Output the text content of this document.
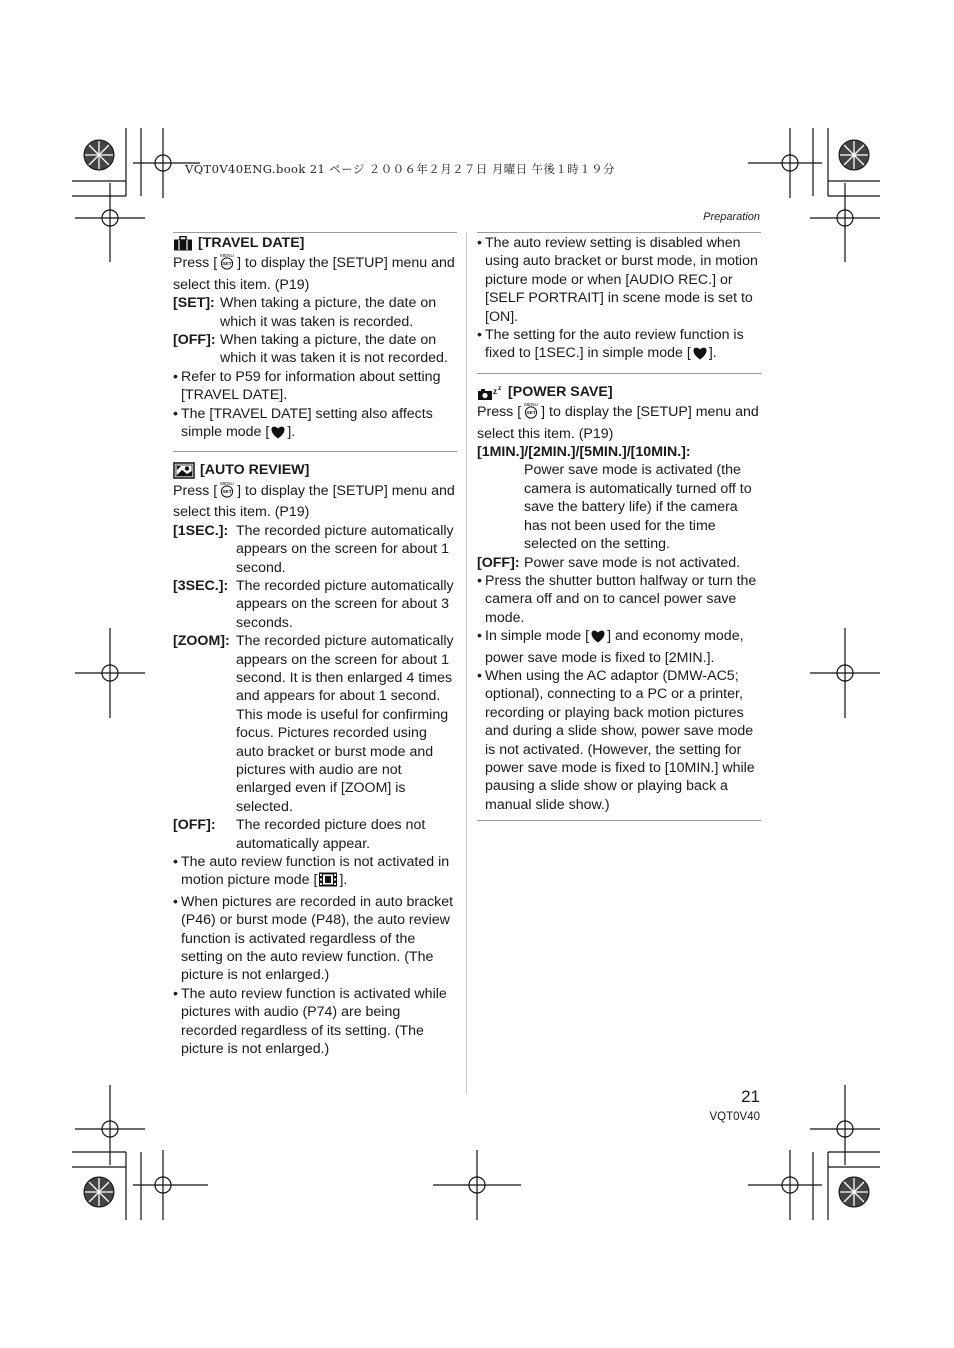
VQT0V40ENG.book 21 ページ ２００６年２月２７日 月曜日 午後１時１９分
Preparation
[TRAVEL DATE]

Press [ MENU
SET ] to display the [SETUP] menu and select this item. (P19)

[SET]: When taking a picture, the date on which it was taken is recorded.
[OFF]: When taking a picture, the date on which it was taken it is not recorded.
• Refer to P59 for information about setting [TRAVEL DATE].
• The [TRAVEL DATE] setting also affects simple mode [ ].
[AUTO REVIEW]

Press [ MENU
SET ] to display the [SETUP] menu and select this item. (P19)

[1SEC.]: The recorded picture automatically appears on the screen for about 1 second.
[3SEC.]: The recorded picture automatically appears on the screen for about 3 seconds.
[ZOOM]: The recorded picture automatically appears on the screen for about 1 second. It is then enlarged 4 times and appears for about 1 second. This mode is useful for confirming focus. Pictures recorded using auto bracket or burst mode and pictures with audio are not enlarged even if [ZOOM] is selected.
[OFF]:	The recorded picture does not automatically appear.
• The auto review function is not activated in motion picture mode [ ].
• When pictures are recorded in auto bracket (P46) or burst mode (P48), the auto review function is activated regardless of the setting on the auto review function. (The picture is not enlarged.)
• The auto review function is activated while pictures with audio (P74) are being recorded regardless of its setting. (The picture is not enlarged.)
• The auto review setting is disabled when using auto bracket or burst mode, in motion picture mode or when [AUDIO REC.] or [SELF PORTRAIT] in scene mode is set to [ON].
• The setting for the auto review function is fixed to [1SEC.] in simple mode [ ].
z z [POWER SAVE]

Press [ MENU
SET ] to display the [SETUP] menu and select this item. (P19)

[1MIN.]/[2MIN.]/[5MIN.]/[10MIN.]:
Power save mode is activated (the camera is automatically turned off to save the battery life) if the camera has not been used for the time selected on the setting.
[OFF]: Power save mode is not activated.
• Press the shutter button halfway or turn the camera off and on to cancel power save mode.
• In simple mode [ ] and economy mode, power save mode is fixed to [2MIN.].
• When using the AC adaptor (DMW-AC5; optional), connecting to a PC or a printer, recording or playing back motion pictures and during a slide show, power save mode is not activated. (However, the setting for power save mode is fixed to [10MIN.] while pausing a slide show or playing back a manual slide show.)
21
VQT0V40
